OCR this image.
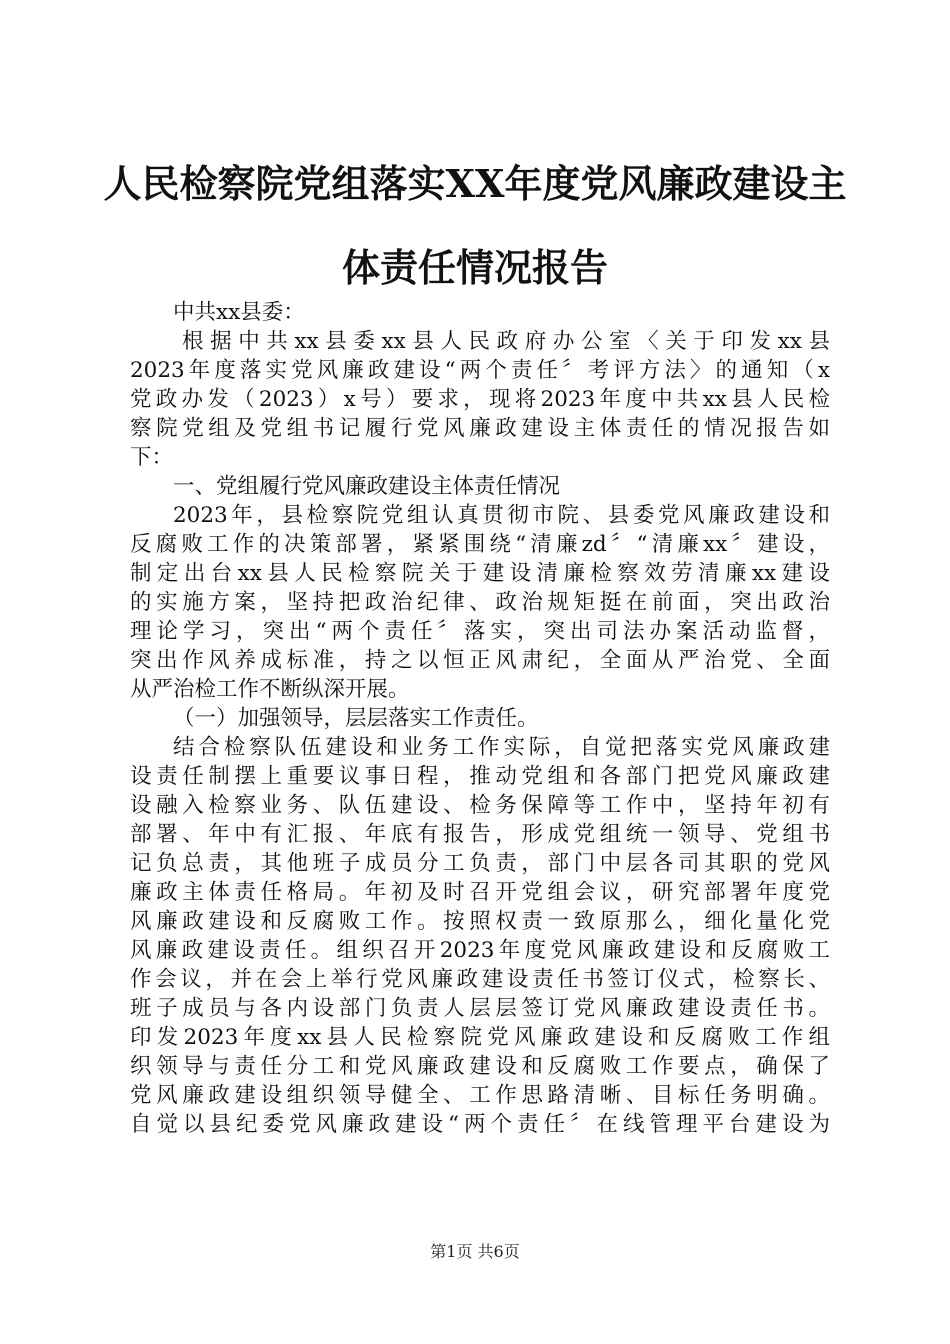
人民检察院党组落实XX年度党风廉政建设主
体责任情况报告
中共xx县委：
根据中共xx县委xx县人民政府办公室〈关于印发xx县
2023年度落实党风廉政建设“两个责任〞考评方法〉的通知（x
党政办发（2023）x号）要求，现将2023年度中共xx县人民检
察院党组及党组书记履行党风廉政建设主体责任的情况报告如
下：
一、党组履行党风廉政建设主体责任情况
2023年，县检察院党组认真贯彻市院、县委党风廉政建设和
反腐败工作的决策部署，紧紧围绕“清廉zd〞“清廉xx〞建设，
制定出台xx县人民检察院关于建设清廉检察效劳清廉xx建设
的实施方案，坚持把政治纪律、政治规矩挺在前面，突出政治
理论学习，突出“两个责任〞落实，突出司法办案活动监督，
突出作风养成标准，持之以恒正风肃纪，全面从严治党、全面
从严治检工作不断纵深开展。
（一）加强领导，层层落实工作责任。
结合检察队伍建设和业务工作实际，自觉把落实党风廉政建
设责任制摆上重要议事日程，推动党组和各部门把党风廉政建
设融入检察业务、队伍建设、检务保障等工作中，坚持年初有
部署、年中有汇报、年底有报告，形成党组统一领导、党组书
记负总责，其他班子成员分工负责，部门中层各司其职的党风
廉政主体责任格局。年初及时召开党组会议，研究部署年度党
风廉政建设和反腐败工作。按照权责一致原那么，细化量化党
风廉政建设责任。组织召开2023年度党风廉政建设和反腐败工
作会议，并在会上举行党风廉政建设责任书签订仪式，检察长、
班子成员与各内设部门负责人层层签订党风廉政建设责任书。
印发2023年度xx县人民检察院党风廉政建设和反腐败工作组
织领导与责任分工和党风廉政建设和反腐败工作要点，确保了
党风廉政建设组织领导健全、工作思路清晰、目标任务明确。
自觉以县纪委党风廉政建设“两个责任〞在线管理平台建设为
第1页 共6页
